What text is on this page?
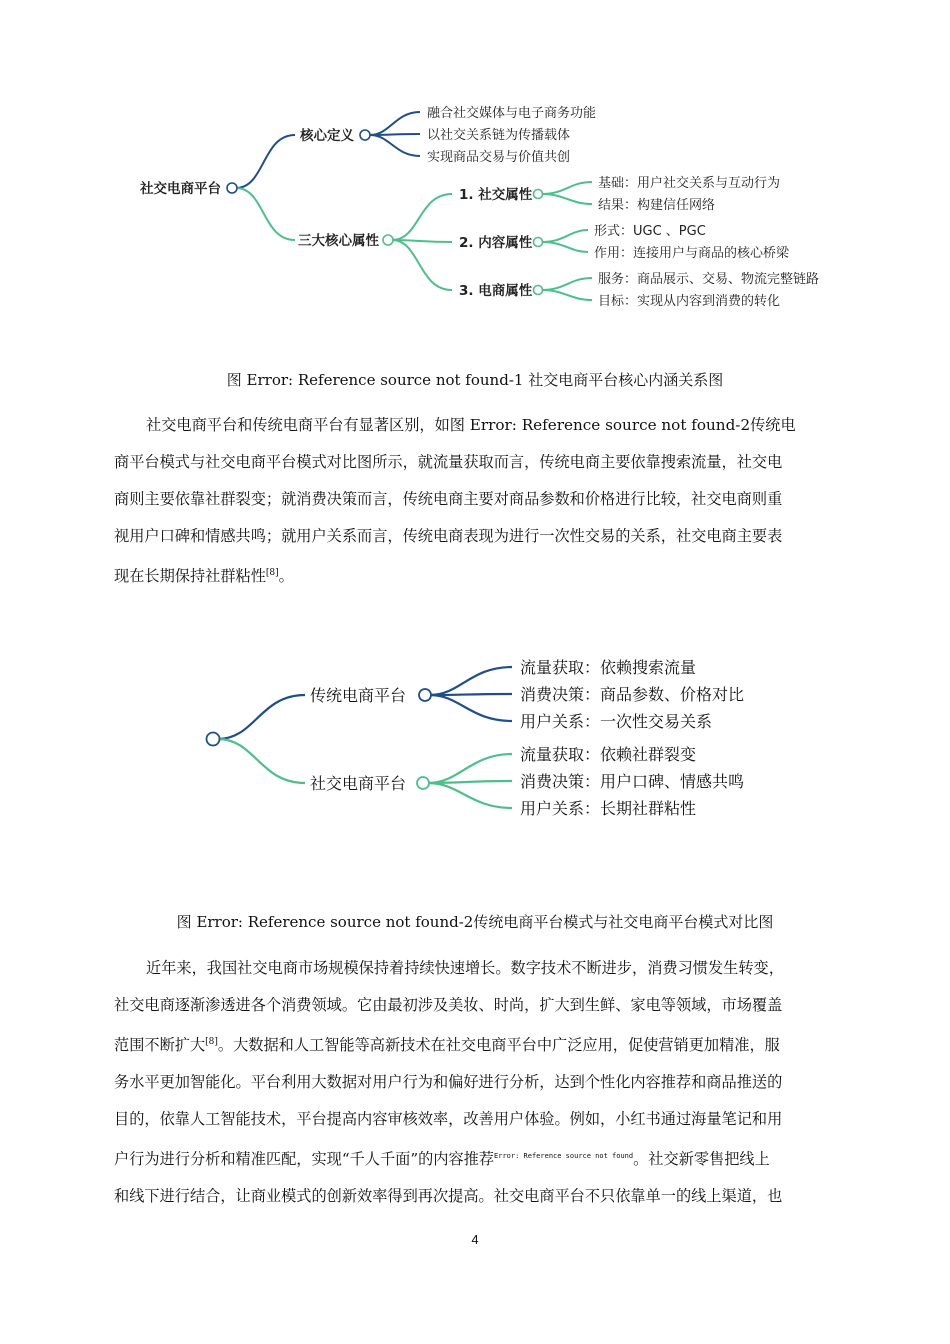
社交电商平台
核心定义
三大核心属性
融合社交媒体与电子商务功能
以社交关系链为传播载体
实现商品交易与价值共创
1. 社交属性
2. 内容属性
3. 电商属性
基础：用户社交关系与互动行为
结果：构建信任网络
形式：UGC 、PGC
作用：连接用户与商品的核心桥梁
服务：商品展示、交易、物流完整链路
目标：实现从内容到消费的转化
图 Error: Reference source not found-1 社交电商平台核心内涵关系图
社交电商平台和传统电商平台有显著区别，如图 Error: Reference source not found-2传统电
商平台模式与社交电商平台模式对比图所示，就流量获取而言，传统电商主要依靠搜索流量，社交电
商则主要依靠社群裂变；就消费决策而言，传统电商主要对商品参数和价格进行比较，社交电商则重
视用户口碑和情感共鸣；就用户关系而言，传统电商表现为进行一次性交易的关系，社交电商主要表
现在长期保持社群粘性[8]。
传统电商平台
社交电商平台
流量获取：依赖搜索流量
消费决策：商品参数、价格对比
用户关系：一次性交易关系
流量获取：依赖社群裂变
消费决策：用户口碑、情感共鸣
用户关系：长期社群粘性
图 Error: Reference source not found-2传统电商平台模式与社交电商平台模式对比图
近年来，我国社交电商市场规模保持着持续快速增长。数字技术不断进步，消费习惯发生转变，
社交电商逐渐渗透进各个消费领域。它由最初涉及美妆、时尚，扩大到生鲜、家电等领域，市场覆盖
范围不断扩大[8]。大数据和人工智能等高新技术在社交电商平台中广泛应用，促使营销更加精准，服
务水平更加智能化。平台利用大数据对用户行为和偏好进行分析，达到个性化内容推荐和商品推送的
目的，依靠人工智能技术，平台提高内容审核效率，改善用户体验。例如，小红书通过海量笔记和用
户行为进行分析和精准匹配，实现“千人千面”的内容推荐$^{Error: Reference source not found}$。社交新零售把线上
和线下进行结合，让商业模式的创新效率得到再次提高。社交电商平台不只依靠单一的线上渠道，也
4
